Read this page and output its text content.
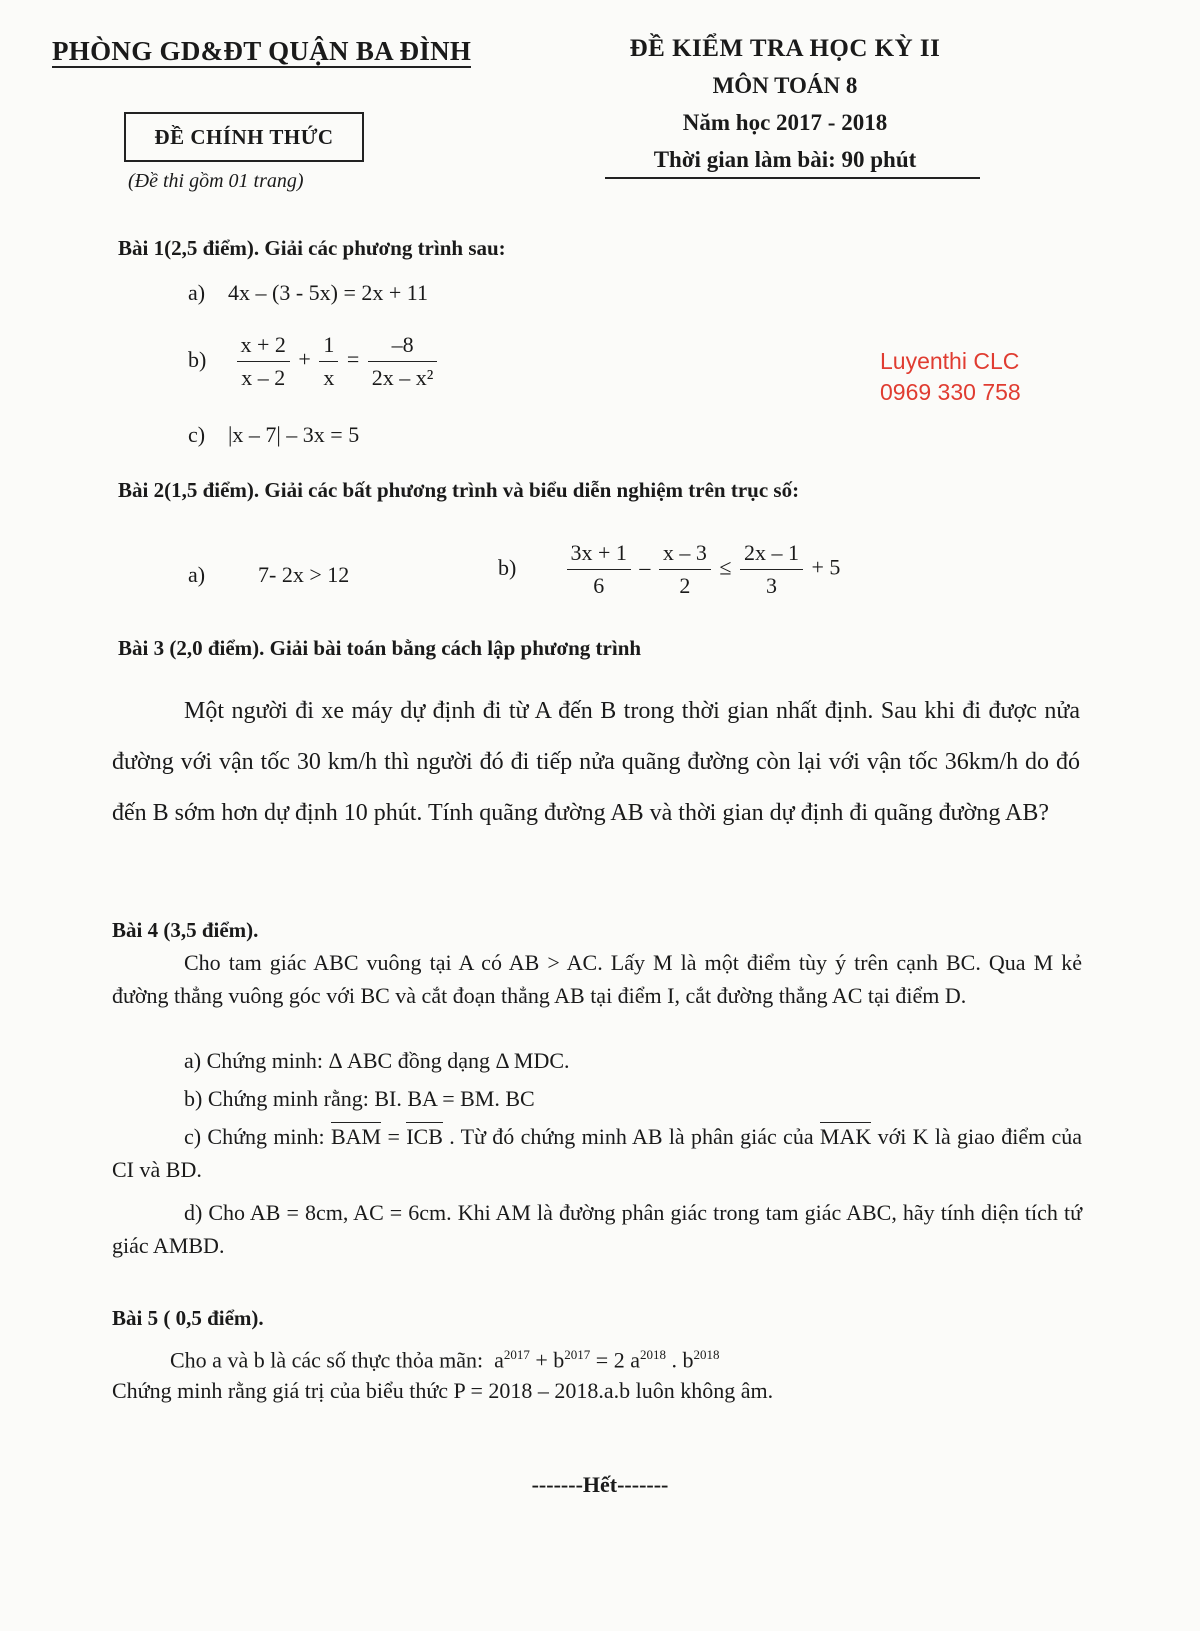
PHÒNG GD&ĐT QUẬN BA ĐÌNH	ĐỀ KIỂM TRA HỌC KỲ II
MÔN TOÁN 8
Năm học 2017 - 2018
Thời gian làm bài: 90 phút
ĐỀ CHÍNH THỨC
(Đề thi gồm 01 trang)
Luyenthi CLC
0969 330 758
Bài 1(2,5 điểm). Giải các phương trình sau:
a) 4x – (3 - 5x) = 2x + 11
$b) \frac{x + 2}{x - 2} + \frac{1}{x} = \frac{-8}{\text{2x – x²}}$
c) |x – 7| – 3x = 5
Bài 2(1,5 điểm). Giải các bất phương trình và biểu diễn nghiệm trên trục số:
a) 7- 2x > 12	$b) \frac{3x + 1}{6} - \frac{x - 3}{2} \le \frac{2x - 1}{3} + 5$
Bài 3 (2,0 điểm). Giải bài toán bằng cách lập phương trình
Một người đi xe máy dự định đi từ A đến B trong thời gian nhất định. Sau khi đi được nửa đường với vận tốc 30 km/h thì người đó đi tiếp nửa quãng đường còn lại với vận tốc 36km/h do đó đến B sớm hơn dự định 10 phút. Tính quãng đường AB và thời gian dự định đi quãng đường AB?
Bài 4 (3,5 điểm).
Cho tam giác ABC vuông tại A có AB > AC. Lấy M là một điểm tùy ý trên cạnh BC. Qua M kẻ đường thẳng vuông góc với BC và cắt đoạn thẳng AB tại điểm I, cắt đường thẳng AC tại điểm D.
a) Chứng minh: Δ ABC đồng dạng Δ MDC.
b) Chứng minh rằng: BI. BA = BM. BC
c) Chứng minh: BAM = ICB . Từ đó chứng minh AB là phân giác của MAK với K là giao điểm của CI và BD.
d) Cho AB = 8cm, AC = 6cm. Khi AM là đường phân giác trong tam giác ABC, hãy tính diện tích tứ giác AMBD.
Bài 5 ( 0,5 điểm).
Cho a và b là các số thực thỏa mãn: $a^{2017} + b^{2017} = 2$ $a^{2018}$ . $b^{2018}$
Chứng minh rằng giá trị của biểu thức P = 2018 – 2018.a.b luôn không âm.
-------Hết-------
